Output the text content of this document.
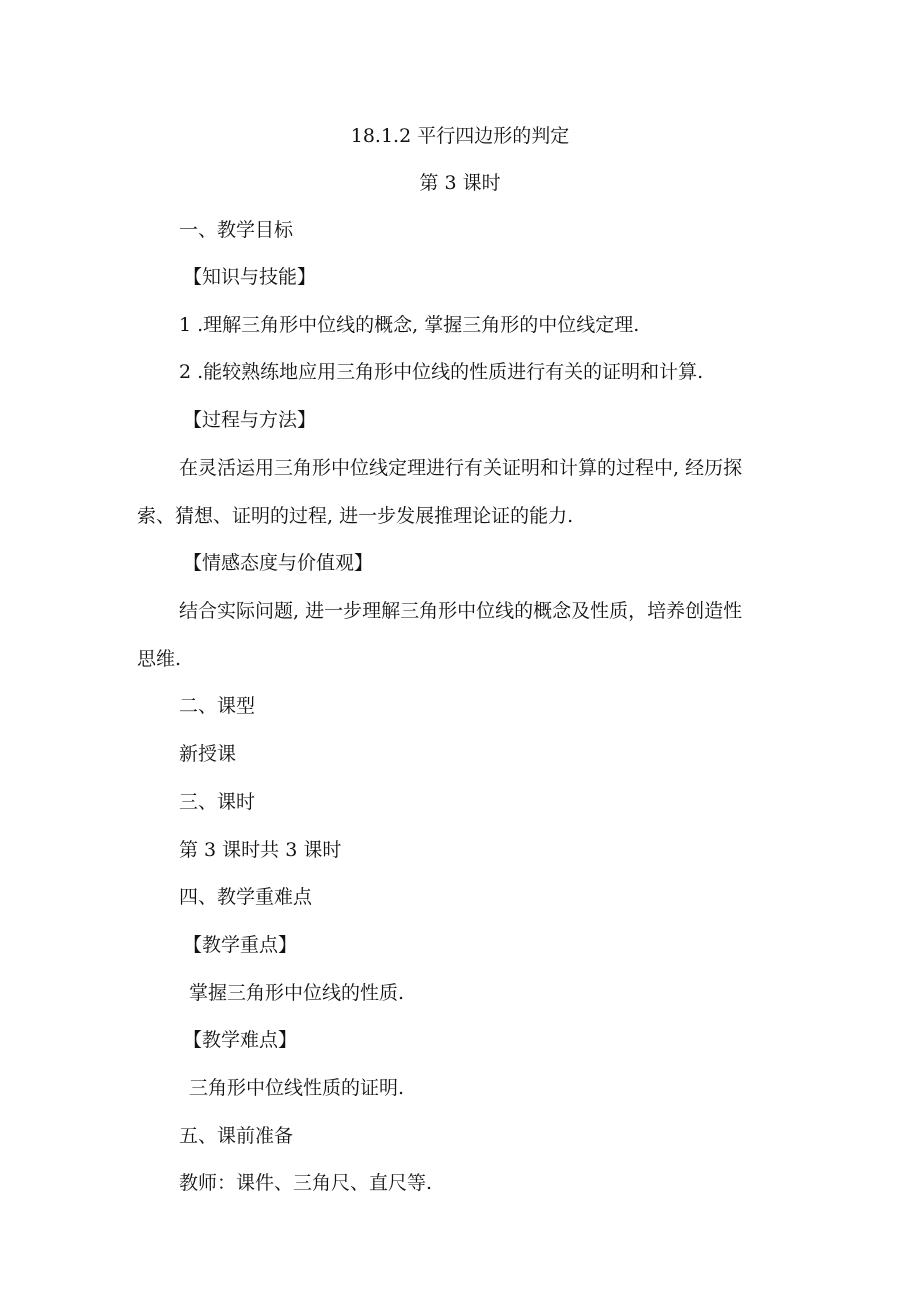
18.1.2 平行四边形的判定
第 3 课时
一、教学目标
【知识与技能】
1 .理解三角形中位线的概念, 掌握三角形的中位线定理.
2 .能较熟练地应用三角形中位线的性质进行有关的证明和计算.
【过程与方法】
在灵活运用三角形中位线定理进行有关证明和计算的过程中, 经历探
索、猜想、证明的过程, 进一步发展推理论证的能力.
【情感态度与价值观】
结合实际问题, 进一步理解三角形中位线的概念及性质，培养创造性
思维.
二、课型
新授课
三、课时
第 3 课时共 3 课时
四、教学重难点
【教学重点】
掌握三角形中位线的性质.
【教学难点】
三角形中位线性质的证明.
五、课前准备
教师：课件、三角尺、直尺等.
